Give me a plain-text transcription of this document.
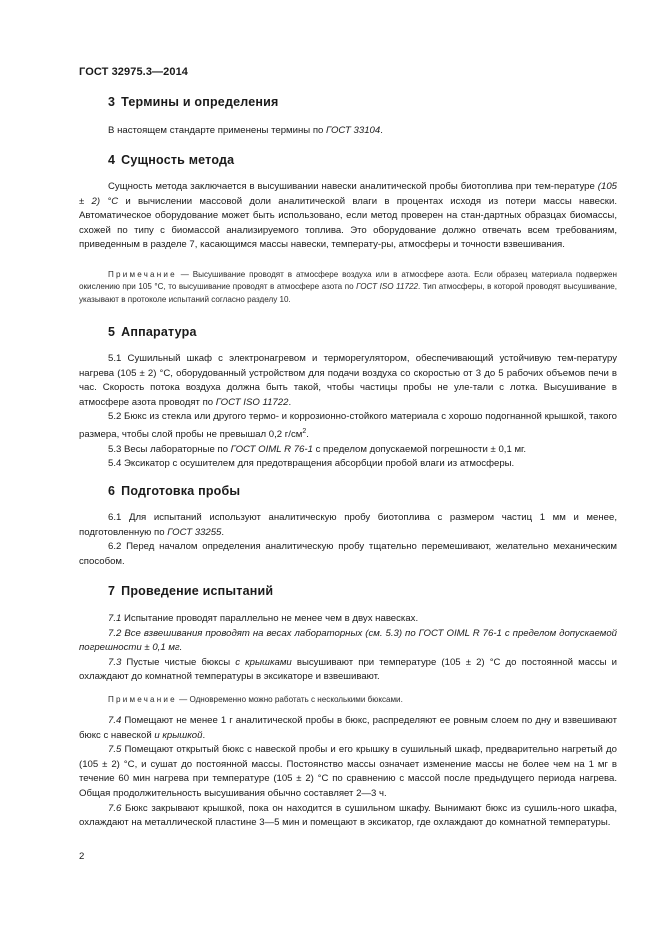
ГОСТ 32975.3—2014
3 Термины и определения

В настоящем стандарте применены термины по ГОСТ 33104.

4 Сущность метода

Сущность метода заключается в высушивании навески аналитической пробы биотоплива при тем-пературе (105 ± 2) °С и вычислении массовой доли аналитической влаги в процентах исходя из потери массы навески. Автоматическое оборудование может быть использовано, если метод проверен на стан-дартных образцах биомассы, схожей по типу с биомассой анализируемого топлива. Это оборудование должно отвечать всем требованиям, приведенным в разделе 7, касающимся массы навески, температу-ры, атмосферы и точности взвешивания.

Примечание — Высушивание проводят в атмосфере воздуха или в атмосфере азота. Если образец материала подвержен окислению при 105 °С, то высушивание проводят в атмосфере азота по ГОСТ ISO 11722. Тип атмосферы, в которой проводят высушивание, указывают в протоколе испытаний согласно разделу 10.

5 Аппаратура

5.1 Сушильный шкаф с электронагревом и терморегулятором, обеспечивающий устойчивую тем-пературу нагрева (105 ± 2) °С, оборудованный устройством для подачи воздуха со скоростью от 3 до 5 рабочих объемов печи в час. Скорость потока воздуха должна быть такой, чтобы частицы пробы не уле-тали с лотка. Высушивание в атмосфере азота проводят по ГОСТ ISO 11722.

5.2 Бюкс из стекла или другого термо- и коррозионно-стойкого материала с хорошо подогнанной крышкой, такого размера, чтобы слой пробы не превышал 0,2 $г/см^2$.

5.3 Весы лабораторные по ГОСТ OIML R 76-1 с пределом допускаемой погрешности ± 0,1 мг.

5.4 Эксикатор с осушителем для предотвращения абсорбции пробой влаги из атмосферы.

6 Подготовка пробы

6.1 Для испытаний используют аналитическую пробу биотоплива с размером частиц 1 мм и менее, подготовленную по ГОСТ 33255.

6.2 Перед началом определения аналитическую пробу тщательно перемешивают, желательно механическим способом.

7 Проведение испытаний

7.1 Испытание проводят параллельно не менее чем в двух навесках.

7.2 Все взвешивания проводят на весах лабораторных (см. 5.3) по ГОСТ OIML R 76-1 с пределом допускаемой погрешности ± 0,1 мг.

7.3 Пустые чистые бюксы с крышками высушивают при температуре (105 ± 2) °С до постоянной массы и охлаждают до комнатной температуры в эксикаторе и взвешивают.

Примечание — Одновременно можно работать с несколькими бюксами.

7.4 Помещают не менее 1 г аналитической пробы в бюкс, распределяют ее ровным слоем по дну и взвешивают бюкс с навеской и крышкой.

7.5 Помещают открытый бюкс с навеской пробы и его крышку в сушильный шкаф, предварительно нагретый до (105 ± 2) °С, и сушат до постоянной массы. Постоянство массы означает изменение массы не более чем на 1 мг в течение 60 мин нагрева при температуре (105 ± 2) °С по сравнению с массой после предыдущего периода нагрева. Общая продолжительность высушивания обычно составляет 2—3 ч.

7.6 Бюкс закрывают крышкой, пока он находится в сушильном шкафу. Вынимают бюкс из сушиль-ного шкафа, охлаждают на металлической пластине 3—5 мин и помещают в эксикатор, где охлаждают до комнатной температуры.

2
